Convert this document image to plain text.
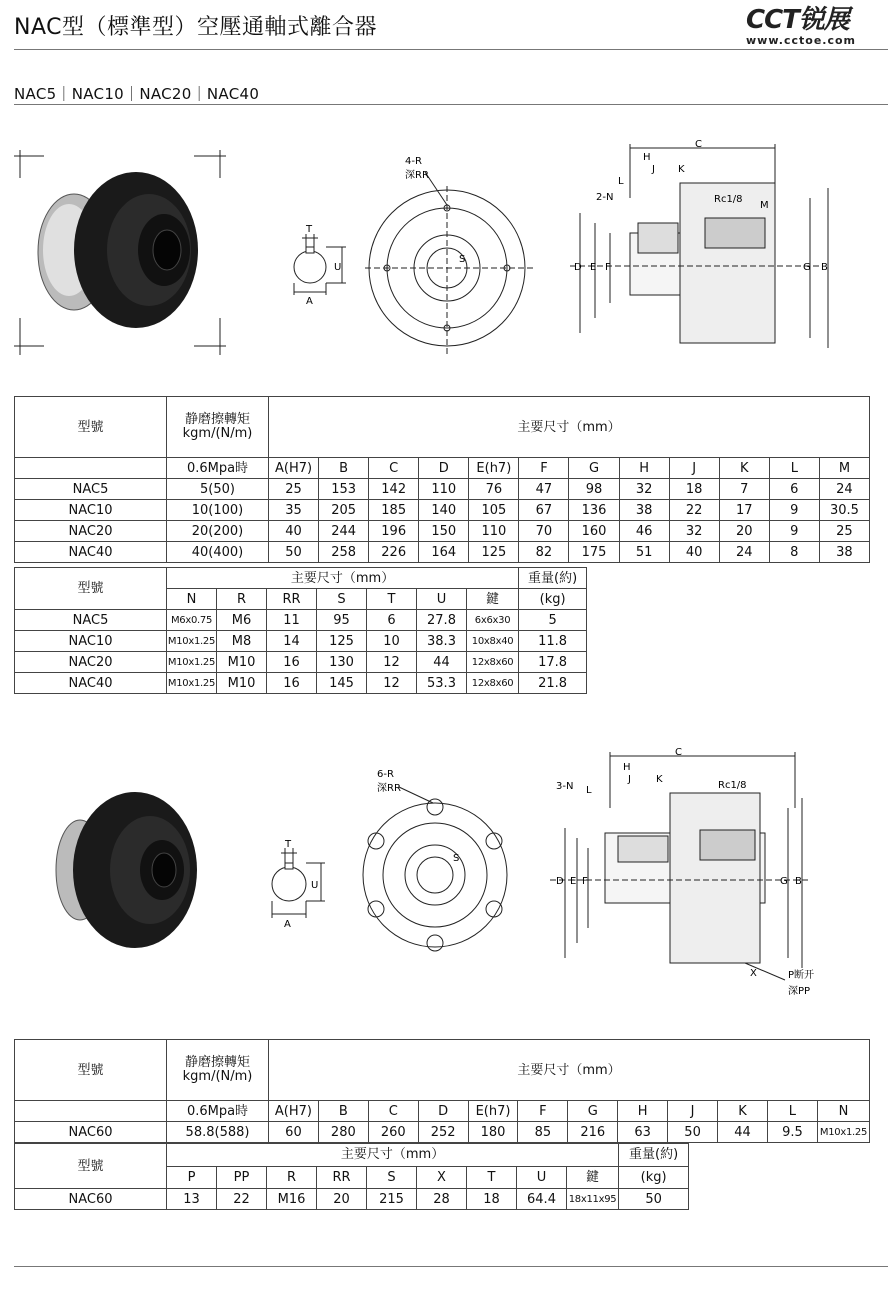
NAC型（標準型）空壓通軸式離合器	CCT锐展
www.cctoe.com
NAC5｜NAC10｜NAC20｜NAC40
T
A
U
4-R
深RR
S
C
H
J K
L
2-N	Rc1/8
M
D E F	G B
型號	静磨擦轉矩
kgm/(N/m)	主要尺寸（mm）											

	0.6Mpa時	A(H7)	B	C	D	E(h7)	F	G	H	J	K	L	M
NAC5	5(50)	25	153	142	110	76	47	98	32	18	7	6	24
NAC10	10(100)	35	205	185	140	105	67	136	38	22	17	9	30.5
NAC20	20(200)	40	244	196	150	110	70	160	46	32	20	9	25
NAC40	40(400)	50	258	226	164	125	82	175	51	40	24	8	38
型號	主要尺寸（mm）							重量(約)
	N	R	RR	S	T	U	鍵	(kg)
NAC5	M6x0.75	M6	11	95	6	27.8	6x6x30	5
NAC10	M10x1.25	M8	14	125	10	38.3	10x8x40	11.8
NAC20	M10x1.25	M10	16	130	12	44	12x8x60	17.8
NAC40	M10x1.25	M10	16	145	12	53.3	12x8x60	21.8
T
A
U
6-R
深RR
S
C
H
J	K
3-N L	Rc1/8
D E F	G B
X	P断开
深PP
型號	静磨擦轉矩
kgm/(N/m)	主要尺寸（mm）											

	0.6Mpa時	A(H7)	B	C	D	E(h7)	F	G	H	J	K	L	N
NAC60	58.8(588)	60	280	260	252	180	85	216	63	50	44	9.5	M10x1.25
型號	主要尺寸（mm）									重量(約)
	P	PP	R	RR	S	X	T	U	鍵	(kg)
NAC60	13	22	M16	20	215	28	18	64.4	18x11x95	50
